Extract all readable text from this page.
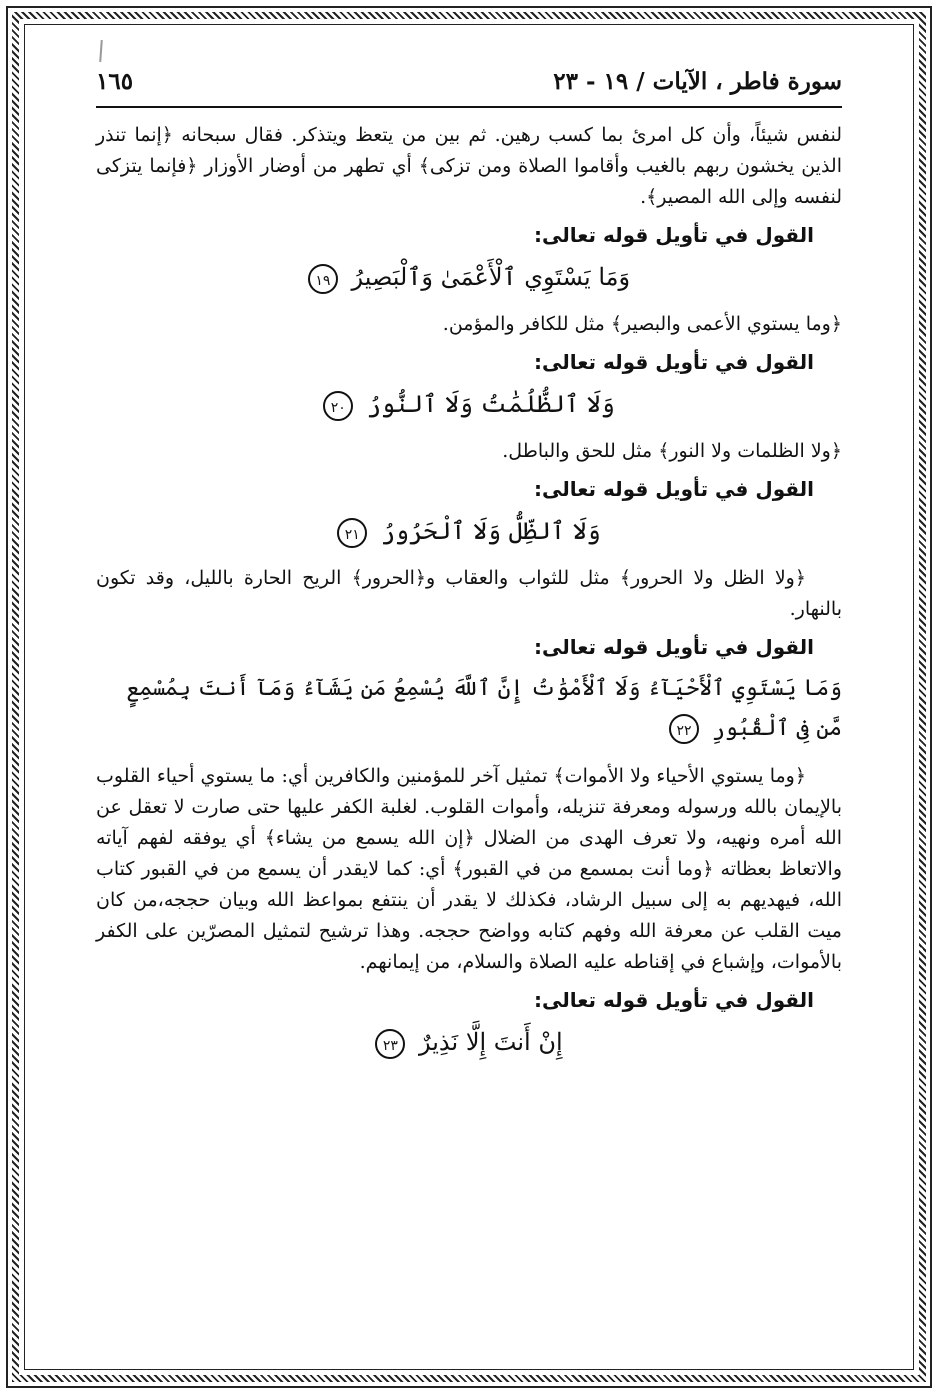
سورة فاطر ، الآيات / ١٩ - ٢٣
١٦٥

لنفس شيئاً، وأن كل امرئ بما كسب رهين. ثم بين من يتعظ ويتذكر. فقال سبحانه ﴿إنما تنذر الذين يخشون ربهم بالغيب وأقاموا الصلاة ومن تزكى﴾ أي تطهر من أوضار الأوزار ﴿فإنما يتزكى لنفسه وإلى الله المصير﴾.

القول في تأويل قوله تعالى:
وَمَا يَسْتَوِي ٱلْأَعْمَىٰ وَٱلْبَصِيرُ ١٩

﴿وما يستوي الأعمى والبصير﴾ مثل للكافر والمؤمن.

القول في تأويل قوله تعالى:
وَلَا ٱلظُّلُمَٰتُ وَلَا ٱلنُّورُ ٢٠

﴿ولا الظلمات ولا النور﴾ مثل للحق والباطل.

القول في تأويل قوله تعالى:
وَلَا ٱلظِّلُّ وَلَا ٱلْحَرُورُ ٢١

﴿ولا الظل ولا الحرور﴾ مثل للثواب والعقاب و﴿الحرور﴾ الريح الحارة بالليل، وقد تكون بالنهار.

القول في تأويل قوله تعالى:
وَمَا يَسْتَوِي ٱلْأَحْيَآءُ وَلَا ٱلْأَمْوَٰتُ إِنَّ ٱللَّهَ يُسْمِعُ مَن يَشَآءُ وَمَآ أَنتَ بِمُسْمِعٍ مَّن فِى ٱلْقُبُورِ ٢٢

﴿وما يستوي الأحياء ولا الأموات﴾ تمثيل آخر للمؤمنين والكافرين أي: ما يستوي أحياء القلوب بالإيمان بالله ورسوله ومعرفة تنزيله، وأموات القلوب. لغلبة الكفر عليها حتى صارت لا تعقل عن الله أمره ونهيه، ولا تعرف الهدى من الضلال ﴿إن الله يسمع من يشاء﴾ أي يوفقه لفهم آياته والاتعاظ بعظاته ﴿وما أنت بمسمع من في القبور﴾ أي: كما لايقدر أن يسمع من في القبور كتاب الله، فيهديهم به إلى سبيل الرشاد، فكذلك لا يقدر أن ينتفع بمواعظ الله وبيان حججه،من كان ميت القلب عن معرفة الله وفهم كتابه وواضح حججه. وهذا ترشيح لتمثيل المصرّين على الكفر بالأموات، وإشباع في إقناطه عليه الصلاة والسلام، من إيمانهم.

القول في تأويل قوله تعالى:
إِنْ أَنتَ إِلَّا نَذِيرٌ ٢٣
